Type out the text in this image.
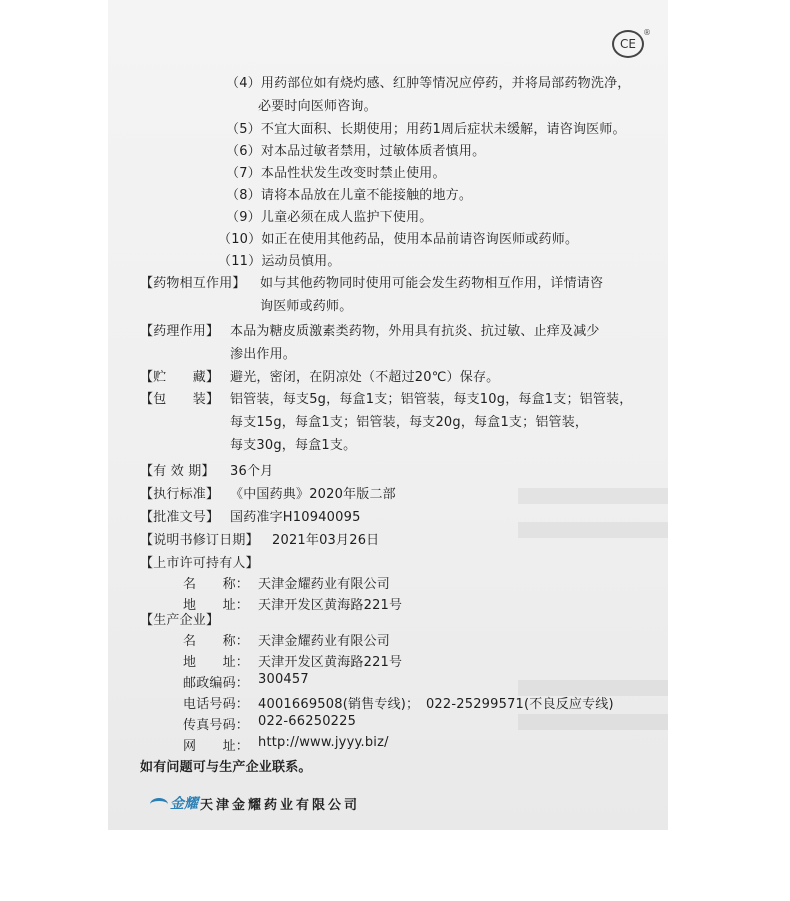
CE
®
（4）用药部位如有烧灼感、红肿等情况应停药，并将局部药物洗净，
必要时向医师咨询。
（5）不宜大面积、长期使用；用药1周后症状未缓解，请咨询医师。
（6）对本品过敏者禁用，过敏体质者慎用。
（7）本品性状发生改变时禁止使用。
（8）请将本品放在儿童不能接触的地方。
（9）儿童必须在成人监护下使用。
（10）如正在使用其他药品，使用本品前请咨询医师或药师。
（11）运动员慎用。
【药物相互作用】 如与其他药物同时使用可能会发生药物相互作用，详情请咨
询医师或药师。
【药理作用】 本品为糖皮质激素类药物，外用具有抗炎、抗过敏、止痒及减少
渗出作用。
【贮　　藏】 避光，密闭，在阴凉处（不超过20℃）保存。
【包　　装】 铝管装，每支5g，每盒1支；铝管装，每支10g，每盒1支；铝管装，
每支15g，每盒1支；铝管装，每支20g，每盒1支；铝管装，
每支30g，每盒1支。
【有 效 期】 36个月
【执行标准】 《中国药典》2020年版二部
【批准文号】 国药准字H10940095
【说明书修订日期】 2021年03月26日
【上市许可持有人】
名　　称： 天津金耀药业有限公司
地　　址： 天津开发区黄海路221号
【生产企业】
名　　称： 天津金耀药业有限公司
地　　址： 天津开发区黄海路221号
邮政编码： 300457
电话号码： 4001669508(销售专线)；　022-25299571(不良反应专线)
传真号码： 022-66250225
网　　址： http://www.jyyy.biz/
如有问题可与生产企业联系。
金耀 天津金耀药业有限公司
